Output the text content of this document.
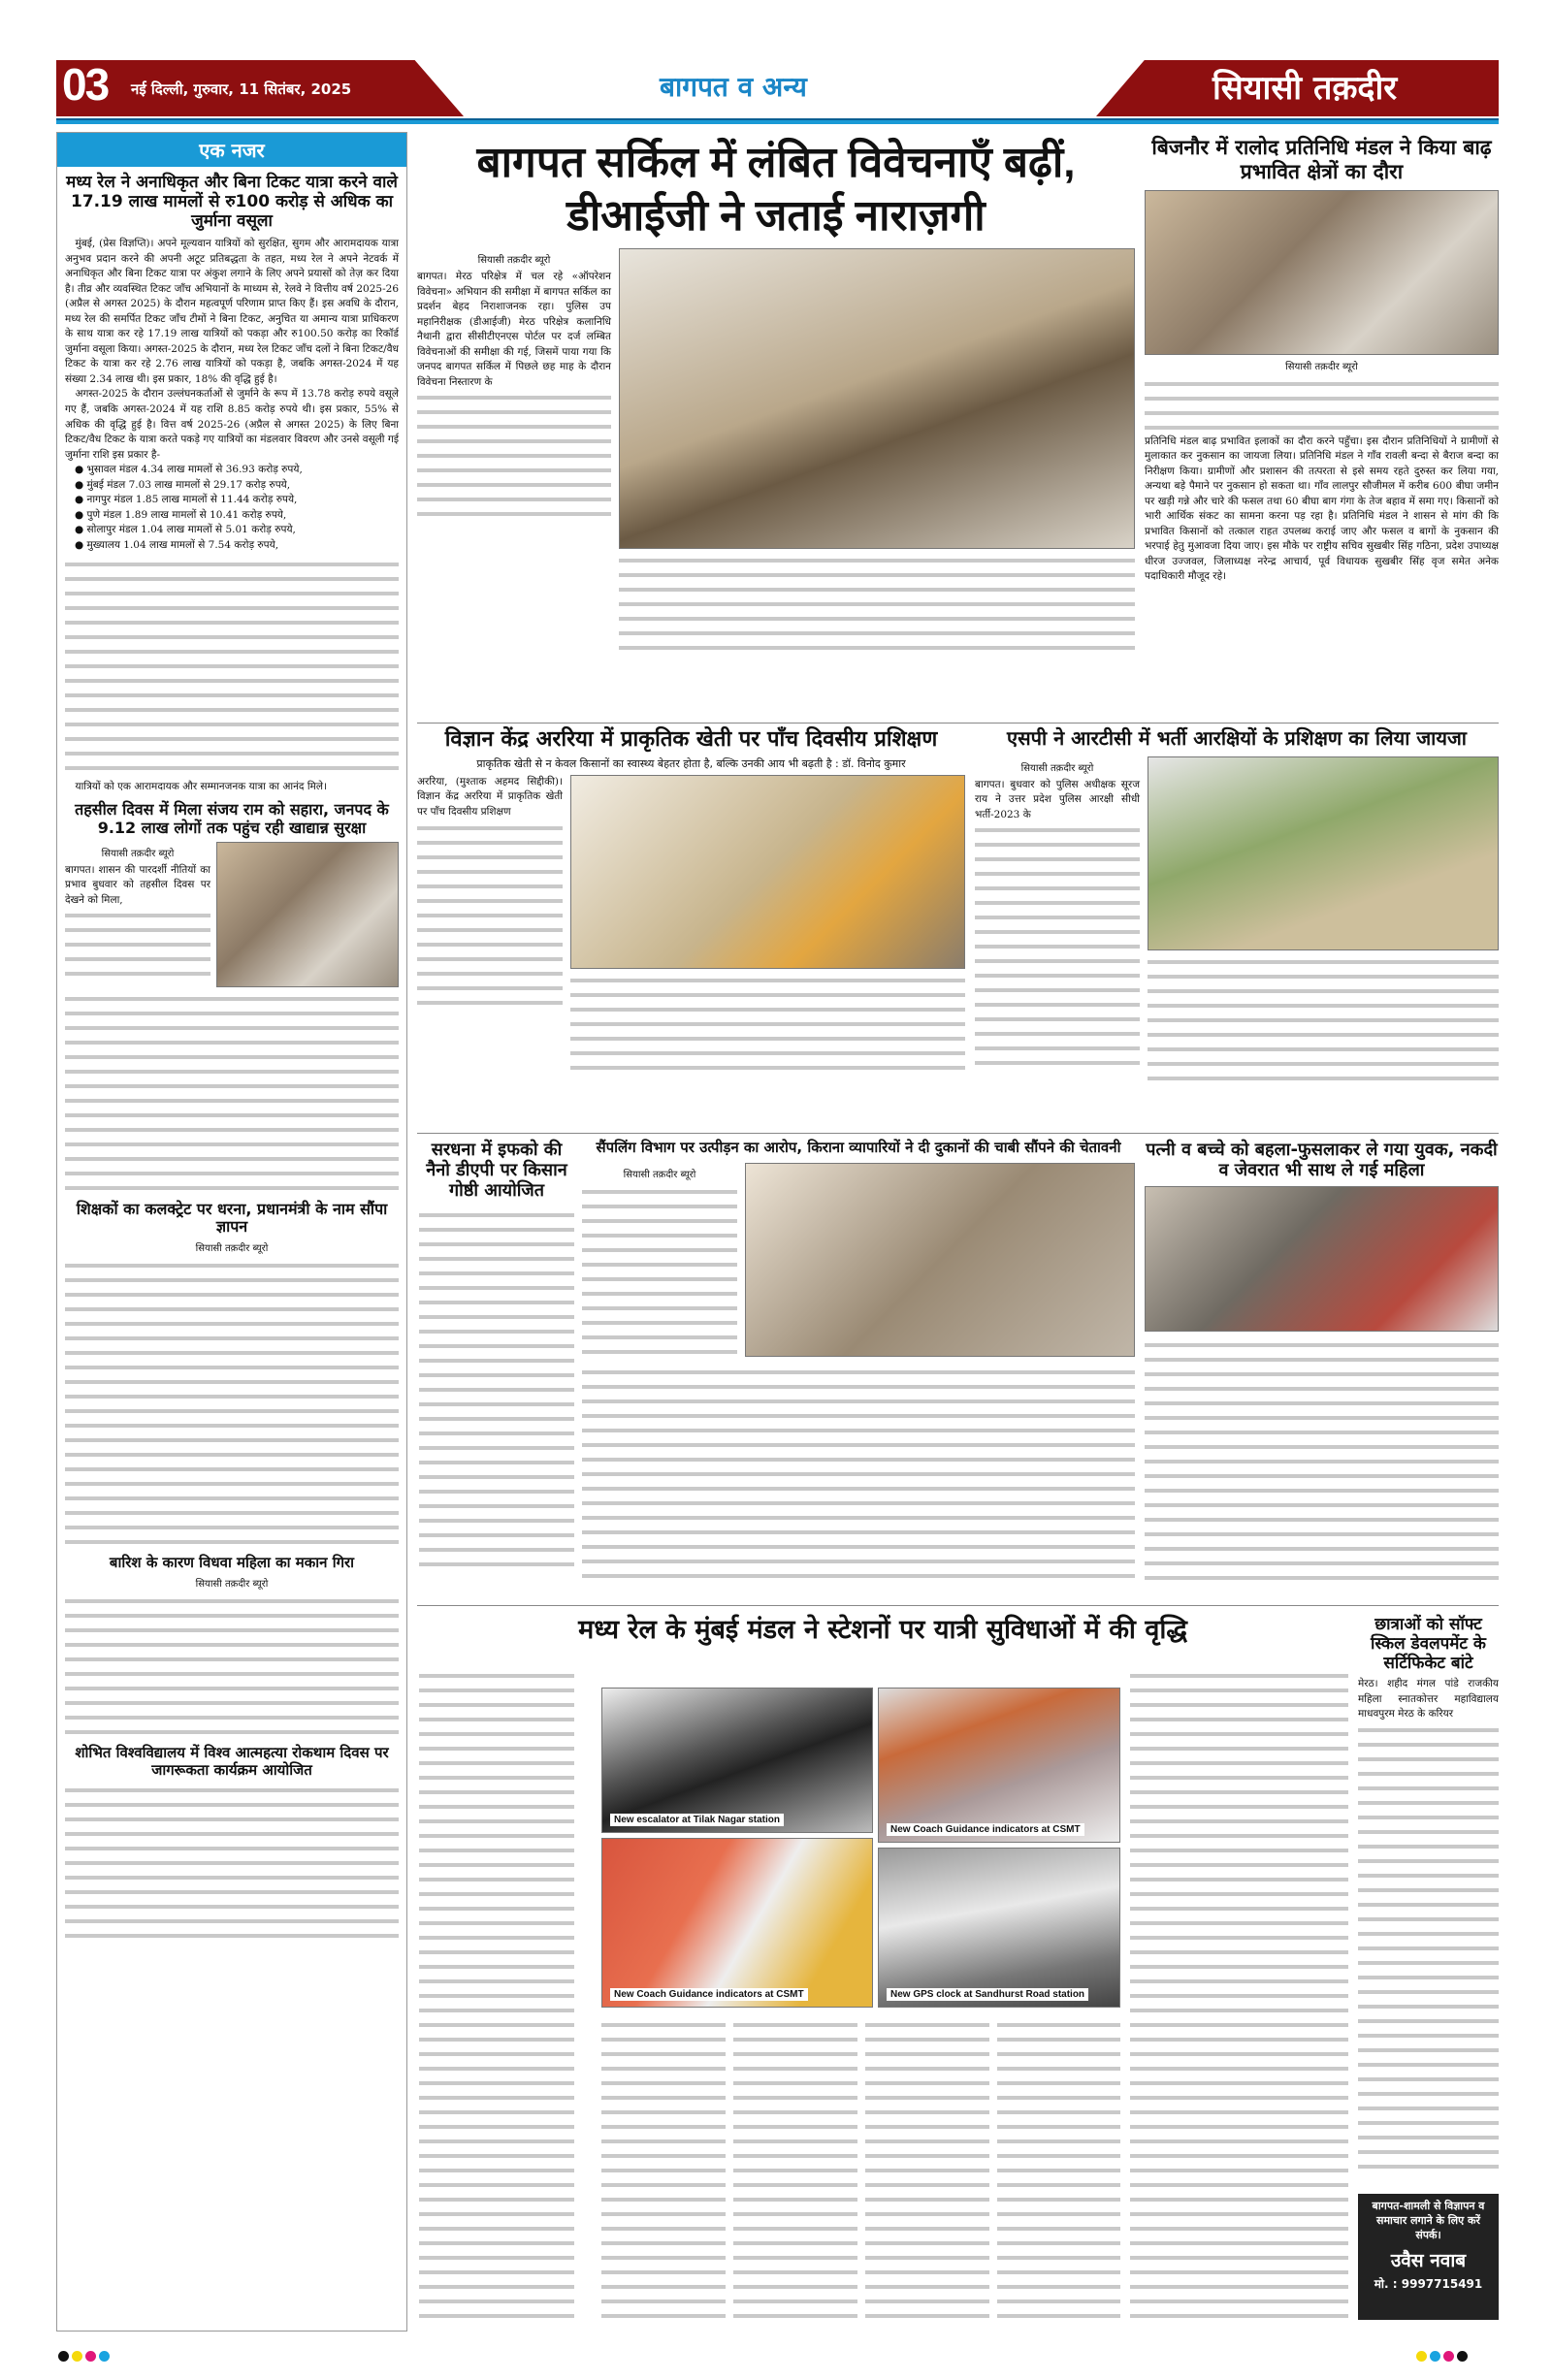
03 नई दिल्ली, गुरुवार, 11 सितंबर, 2025	बागपत व अन्य	सियासी तक़दीर
एक नजर
मध्य रेल ने अनाधिकृत और बिना टिकट यात्रा करने वाले 17.19 लाख मामलों से रु100 करोड़ से अधिक का जुर्माना वसूला

मुंबई, (प्रेस विज्ञप्ति)। अपने मूल्यवान यात्रियों को सुरक्षित, सुगम और आरामदायक यात्रा अनुभव प्रदान करने की अपनी अटूट प्रतिबद्धता के तहत, मध्य रेल ने अपने नेटवर्क में अनाधिकृत और बिना टिकट यात्रा पर अंकुश लगाने के लिए अपने प्रयासों को तेज़ कर दिया है। तीव्र और व्यवस्थित टिकट जाँच अभियानों के माध्यम से, रेलवे ने वित्तीय वर्ष 2025-26 (अप्रैल से अगस्त 2025) के दौरान महत्वपूर्ण परिणाम प्राप्त किए हैं। इस अवधि के दौरान, मध्य रेल की समर्पित टिकट जाँच टीमों ने बिना टिकट, अनुचित या अमान्य यात्रा प्राधिकरण के साथ यात्रा कर रहे 17.19 लाख यात्रियों को पकड़ा और रु100.50 करोड़ का रिकॉर्ड जुर्माना वसूला किया। अगस्त-2025 के दौरान, मध्य रेल टिकट जाँच दलों ने बिना टिकट/वैध टिकट के यात्रा कर रहे 2.76 लाख यात्रियों को पकड़ा है, जबकि अगस्त-2024 में यह संख्या 2.34 लाख थी। इस प्रकार, 18% की वृद्धि हुई है।

अगस्त-2025 के दौरान उल्लंघनकर्ताओं से जुर्माने के रूप में 13.78 करोड़ रुपये वसूले गए हैं, जबकि अगस्त-2024 में यह राशि 8.85 करोड़ रुपये थी। इस प्रकार, 55% से अधिक की वृद्धि हुई है। वित्त वर्ष 2025-26 (अप्रैल से अगस्त 2025) के लिए बिना टिकट/वैध टिकट के यात्रा करते पकड़े गए यात्रियों का मंडलवार विवरण और उनसे वसूली गई जुर्माना राशि इस प्रकार है-

● भुसावल मंडल 4.34 लाख मामलों से 36.93 करोड़ रुपये,
● मुंबई मंडल 7.03 लाख मामलों से 29.17 करोड़ रुपये,
● नागपुर मंडल 1.85 लाख मामलों से 11.44 करोड़ रुपये,
● पुणे मंडल 1.89 लाख मामलों से 10.41 करोड़ रुपये,
● सोलापुर मंडल 1.04 लाख मामलों से 5.01 करोड़ रुपये,
● मुख्यालय 1.04 लाख मामलों से 7.54 करोड़ रुपये,

यात्रियों को एक आरामदायक और सम्मानजनक यात्रा का आनंद मिले।

तहसील दिवस में मिला संजय राम को सहारा, जनपद के 9.12 लाख लोगों तक पहुंच रही खाद्यान्न सुरक्षा
सियासी तक़दीर ब्यूरो
बागपत। शासन की पारदर्शी नीतियों का प्रभाव बुधवार को तहसील दिवस पर देखने को मिला,
शिक्षकों का कलक्ट्रेट पर धरना, प्रधानमंत्री के नाम सौंपा ज्ञापन
सियासी तक़दीर ब्यूरो
बारिश के कारण विधवा महिला का मकान गिरा
सियासी तक़दीर ब्यूरो
शोभित विश्वविद्यालय में विश्व आत्महत्या रोकथाम दिवस पर जागरूकता कार्यक्रम आयोजित
बागपत सर्किल में लंबित विवेचनाएँ बढ़ीं, डीआईजी ने जताई नाराज़गी
सियासी तक़दीर ब्यूरो
बागपत। मेरठ परिक्षेत्र में चल रहे «ऑपरेशन विवेचना» अभियान की समीक्षा में बागपत सर्किल का प्रदर्शन बेहद निराशाजनक रहा। पुलिस उप महानिरीक्षक (डीआईजी) मेरठ परिक्षेत्र कलानिधि नैथानी द्वारा सीसीटीएनएस पोर्टल पर दर्ज लम्बित विवेचनाओं की समीक्षा की गई, जिसमें पाया गया कि जनपद बागपत सर्किल में पिछले छह माह के दौरान विवेचना निस्तारण के
बिजनौर में रालोद प्रतिनिधि मंडल ने किया बाढ़ प्रभावित क्षेत्रों का दौरा
सियासी तक़दीर ब्यूरो
प्रतिनिधि मंडल बाढ़ प्रभावित इलाकों का दौरा करने पहुँचा। इस दौरान प्रतिनिधियों ने ग्रामीणों से मुलाकात कर नुकसान का जायजा लिया। प्रतिनिधि मंडल ने गाँव रावली बन्दा से बैराज बन्दा का निरीक्षण किया। ग्रामीणों और प्रशासन की तत्परता से इसे समय रहते दुरुस्त कर लिया गया, अन्यथा बड़े पैमाने पर नुकसान हो सकता था। गाँव लालपुर सौजीमल में करीब 600 बीघा जमीन पर खड़ी गन्ने और चारे की फसल तथा 60 बीघा बाग गंगा के तेज बहाव में समा गए। किसानों को भारी आर्थिक संकट का सामना करना पड़ रहा है। प्रतिनिधि मंडल ने शासन से मांग की कि प्रभावित किसानों को तत्काल राहत उपलब्ध कराई जाए और फसल व बागों के नुकसान की भरपाई हेतु मुआवजा दिया जाए। इस मौके पर राष्ट्रीय सचिव सुखबीर सिंह गठिना, प्रदेश उपाध्यक्ष धीरज उज्जवल, जिलाध्यक्ष नरेन्द्र आचार्य, पूर्व विधायक सुखबीर सिंह वृज समेत अनेक पदाधिकारी मौजूद रहे।
विज्ञान केंद्र अररिया में प्राकृतिक खेती पर पाँच दिवसीय प्रशिक्षण
प्राकृतिक खेती से न केवल किसानों का स्वास्थ्य बेहतर होता है, बल्कि उनकी आय भी बढ़ती है : डॉ. विनोद कुमार
अररिया, (मुश्ताक अहमद सिद्दीकी)। विज्ञान केंद्र अररिया में प्राकृतिक खेती पर पाँच दिवसीय प्रशिक्षण
एसपी ने आरटीसी में भर्ती आरक्षियों के प्रशिक्षण का लिया जायजा
सियासी तक़दीर ब्यूरो
बागपत। बुधवार को पुलिस अधीक्षक सूरज राय ने उत्तर प्रदेश पुलिस आरक्षी सीधी भर्ती-2023 के
सरधना में इफको की नैनो डीएपी पर किसान गोष्ठी आयोजित
सैंपलिंग विभाग पर उत्पीड़न का आरोप, किराना व्यापारियों ने दी दुकानों की चाबी सौंपने की चेतावनी
सियासी तक़दीर ब्यूरो
पत्नी व बच्चे को बहला-फुसलाकर ले गया युवक, नकदी व जेवरात भी साथ ले गई महिला
मध्य रेल के मुंबई मंडल ने स्टेशनों पर यात्री सुविधाओं में की वृद्धि
New escalator at Tilak Nagar station
New Coach Guidance indicators at CSMT
New Coach Guidance indicators at CSMT	New GPS clock at Sandhurst Road station
छात्राओं को सॉफ्ट स्किल डेवलपमेंट के सर्टिफिकेट बांटे
मेरठ। शहीद मंगल पांडे राजकीय महिला स्नातकोत्तर महाविद्यालय माधवपुरम मेरठ के करियर
बागपत-शामली से विज्ञापन व समाचार लगाने के लिए करें संपर्क।
उवैस नवाब
मो. : 9997715491
